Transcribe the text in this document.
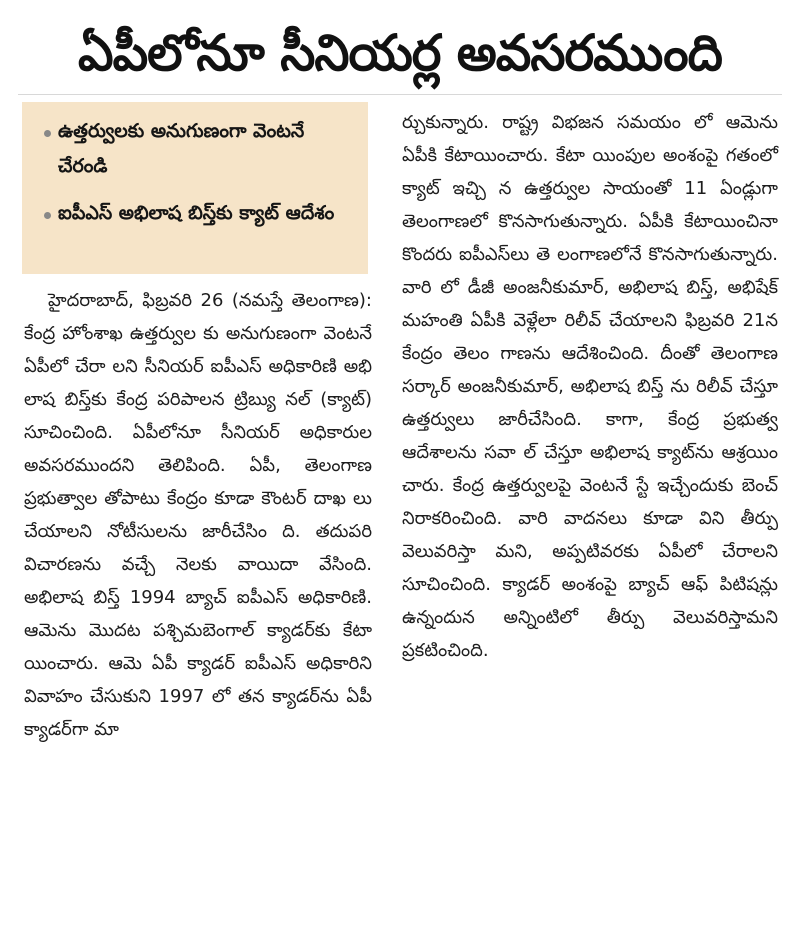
ఏపీలోనూ సీనియర్ల అవసరముంది
ఉత్తర్వులకు అనుగుణంగా వెంటనే చేరండి
ఐపీఎస్ అభిలాష బిస్త్‌కు క్యాట్ ఆదేశం

హైదరాబాద్, ఫిబ్రవరి 26 (నమస్తే తెలంగాణ): కేంద్ర హోంశాఖ ఉత్తర్వుల కు అనుగుణంగా వెంటనే ఏపీలో చేరా లని సీనియర్ ఐపీఎస్ అధికారిణి అభి లాష బిస్త్‌కు కేంద్ర పరిపాలన ట్రిబ్యు నల్ (క్యాట్) సూచించింది. ఏపీలోనూ సీనియర్ అధికారుల అవసరముందని తెలిపింది. ఏపీ, తెలంగాణ ప్రభుత్వాల తోపాటు కేంద్రం కూడా కౌంటర్ దాఖ లు చేయాలని నోటీసులను జారీచేసిం ది. తదుపరి విచారణను వచ్చే నెలకు వాయిదా వేసింది. అభిలాష బిస్త్ 1994 బ్యాచ్ ఐపీఎస్ అధికారిణి. ఆమెను మొదట పశ్చిమబెంగాల్ క్యాడర్‌కు కేటా యించారు. ఆమె ఏపీ క్యాడర్ ఐపీఎస్ అధికారిని వివాహం చేసుకుని 1997 లో తన క్యాడర్‌ను ఏపీ క్యాడర్‌గా మా

ర్చుకున్నారు. రాష్ట్ర విభజన సమయం లో ఆమెను ఏపీకి కేటాయించారు. కేటా యింపుల అంశంపై గతంలో క్యాట్ ఇచ్చి న ఉత్తర్వుల సాయంతో 11 ఏండ్లుగా తెలంగాణలో కొనసాగుతున్నారు. ఏపీకి కేటాయించినా కొందరు ఐపీఎస్‌లు తె లంగాణలోనే కొనసాగుతున్నారు. వారి లో డీజీ అంజనీకుమార్, అభిలాష బిస్త్, అభిషేక్ మహంతి ఏపీకి వెళ్లేలా రిలీవ్ చేయాలని ఫిబ్రవరి 21న కేంద్రం తెలం గాణను ఆదేశించింది. దీంతో తెలంగాణ సర్కార్ అంజనీకుమార్, అభిలాష బిస్త్ ను రిలీవ్ చేస్తూ ఉత్తర్వులు జారీచేసింది. కాగా, కేంద్ర ప్రభుత్వ ఆదేశాలను సవా ల్ చేస్తూ అభిలాష క్యాట్‌ను ఆశ్రయిం చారు. కేంద్ర ఉత్తర్వులపై వెంటనే స్టే ఇచ్చేందుకు బెంచ్ నిరాకరించింది. వారి వాదనలు కూడా విని తీర్పు వెలువరిస్తా మని, అప్పటివరకు ఏపీలో చేరాలని సూచించింది. క్యాడర్ అంశంపై బ్యాచ్ ఆఫ్ పిటిషన్లు ఉన్నందున అన్నింటిలో తీర్పు వెలువరిస్తామని ప్రకటించింది.
